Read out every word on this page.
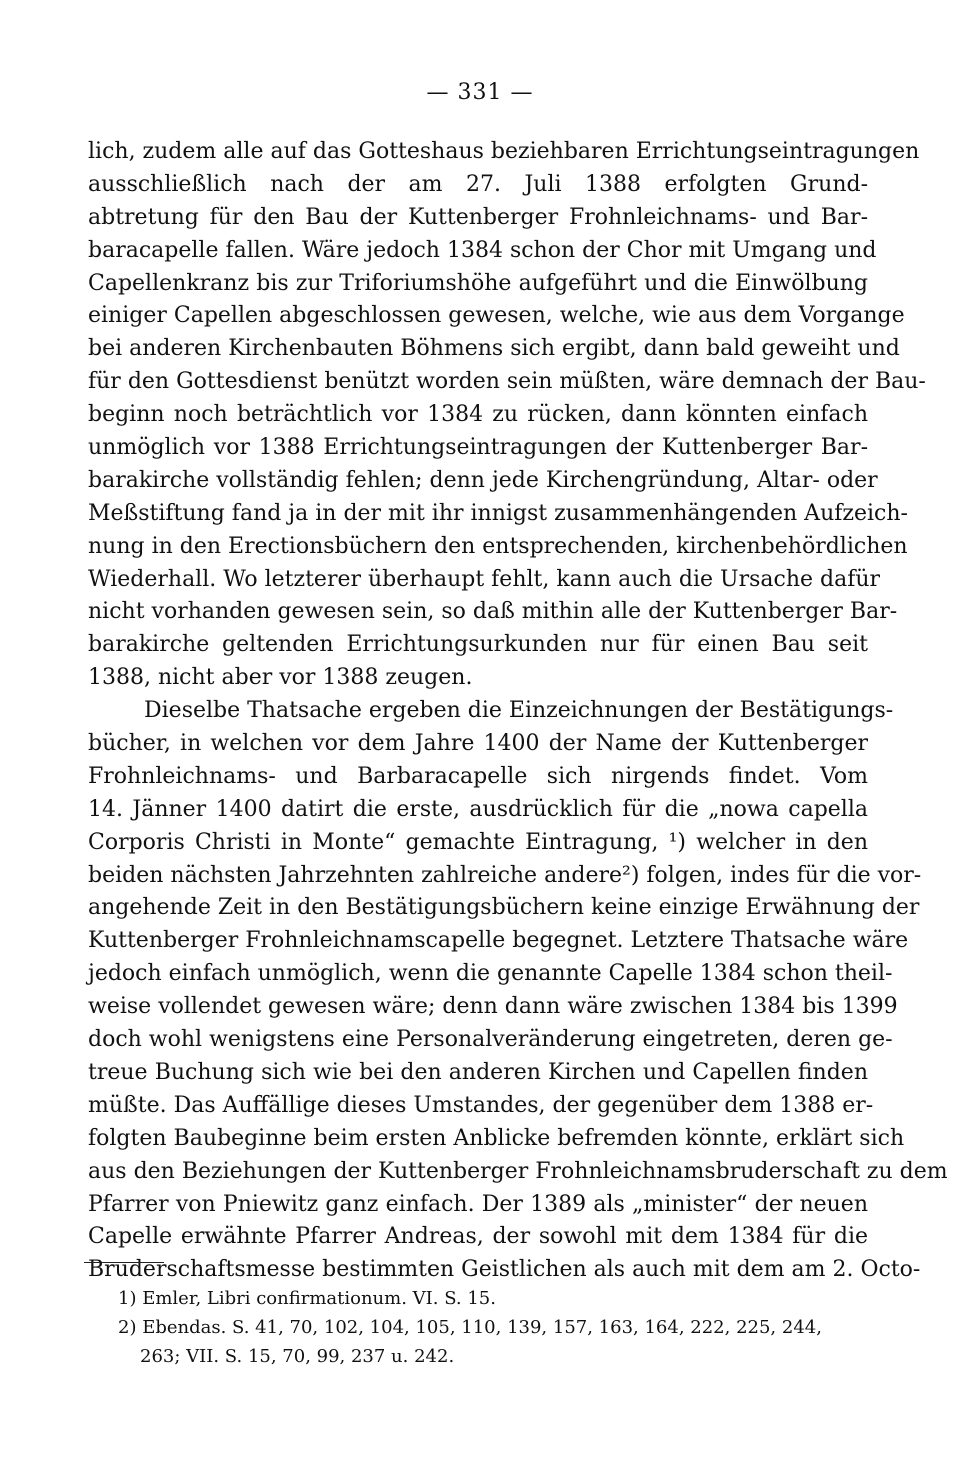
— 331 —
lich, zudem alle auf das Gotteshaus beziehbaren Errichtungseintragungen
ausschließlich nach der am 27. Juli 1388 erfolgten Grund-
abtretung für den Bau der Kuttenberger Frohnleichnams- und Bar-
baracapelle fallen. Wäre jedoch 1384 schon der Chor mit Umgang und
Capellenkranz bis zur Triforiumshöhe aufgeführt und die Einwölbung
einiger Capellen abgeschlossen gewesen, welche, wie aus dem Vorgange
bei anderen Kirchenbauten Böhmens sich ergibt, dann bald geweiht und
für den Gottesdienst benützt worden sein müßten, wäre demnach der Bau-
beginn noch beträchtlich vor 1384 zu rücken, dann könnten einfach
unmöglich vor 1388 Errichtungseintragungen der Kuttenberger Bar-
barakirche vollständig fehlen; denn jede Kirchengründung, Altar- oder
Meßstiftung fand ja in der mit ihr innigst zusammenhängenden Aufzeich-
nung in den Erectionsbüchern den entsprechenden, kirchenbehördlichen
Wiederhall. Wo letzterer überhaupt fehlt, kann auch die Ursache dafür
nicht vorhanden gewesen sein, so daß mithin alle der Kuttenberger Bar-
barakirche geltenden Errichtungsurkunden nur für einen Bau seit
1388, nicht aber vor 1388 zeugen.
Dieselbe Thatsache ergeben die Einzeichnungen der Bestätigungs-
bücher, in welchen vor dem Jahre 1400 der Name der Kuttenberger
Frohnleichnams- und Barbaracapelle sich nirgends findet. Vom
14. Jänner 1400 datirt die erste, ausdrücklich für die „nowa capella
Corporis Christi in Monte“ gemachte Eintragung, ¹) welcher in den
beiden nächsten Jahrzehnten zahlreiche andere²) folgen, indes für die vor-
angehende Zeit in den Bestätigungsbüchern keine einzige Erwähnung der
Kuttenberger Frohnleichnamscapelle begegnet. Letztere Thatsache wäre
jedoch einfach unmöglich, wenn die genannte Capelle 1384 schon theil-
weise vollendet gewesen wäre; denn dann wäre zwischen 1384 bis 1399
doch wohl wenigstens eine Personalveränderung eingetreten, deren ge-
treue Buchung sich wie bei den anderen Kirchen und Capellen finden
müßte. Das Auffällige dieses Umstandes, der gegenüber dem 1388 er-
folgten Baubeginne beim ersten Anblicke befremden könnte, erklärt sich
aus den Beziehungen der Kuttenberger Frohnleichnamsbruderschaft zu dem
Pfarrer von Pniewitz ganz einfach. Der 1389 als „minister“ der neuen
Capelle erwähnte Pfarrer Andreas, der sowohl mit dem 1384 für die
Bruderschaftsmesse bestimmten Geistlichen als auch mit dem am 2. Octo-
1) Emler, Libri confirmationum. VI. S. 15.
2) Ebendas. S. 41, 70, 102, 104, 105, 110, 139, 157, 163, 164, 222, 225, 244,
263; VII. S. 15, 70, 99, 237 u. 242.
